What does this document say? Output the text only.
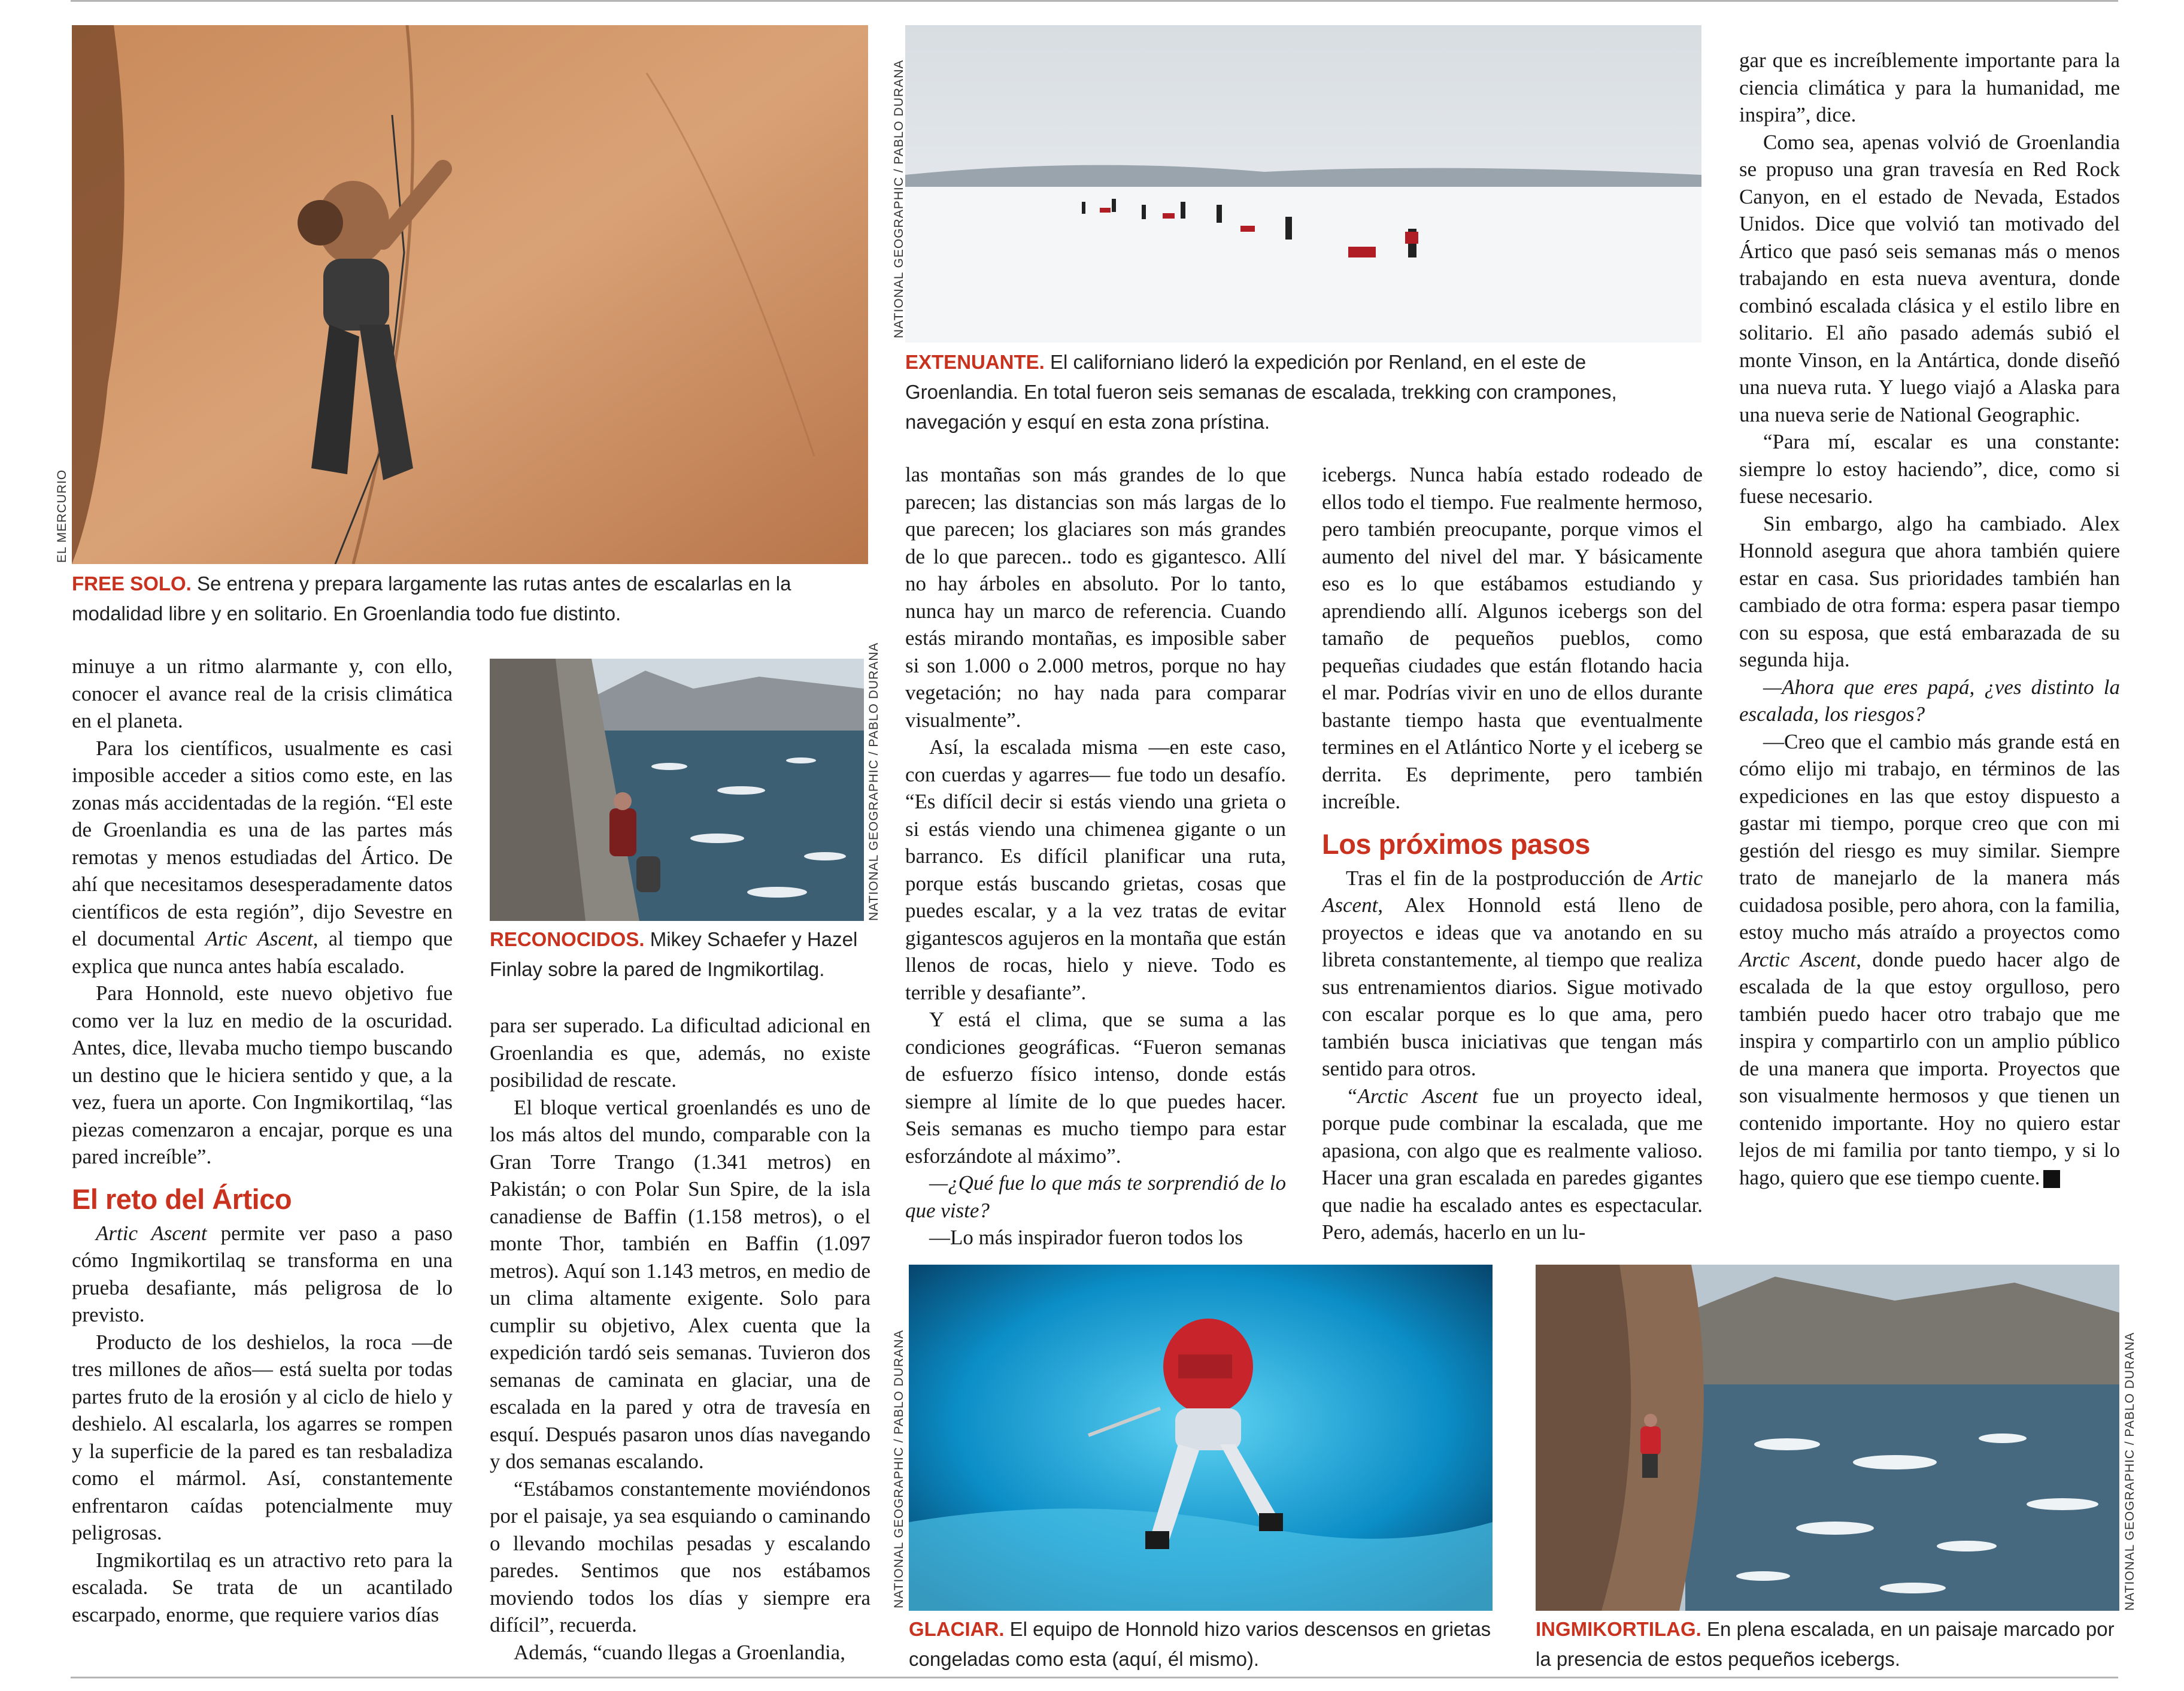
EL MERCURIO
FREE SOLO. Se entrena y prepara largamente las rutas antes de escalarlas en la modalidad libre y en solitario. En Groenlandia todo fue distinto.
NATIONAL GEOGRAPHIC / PABLO DURANA
EXTENUANTE. El californiano lideró la expedición por Renland, en el este de Groenlandia. En total fueron seis semanas de escalada, trekking con crampones, navegación y esquí en esta zona prístina.
NATIONAL GEOGRAPHIC / PABLO DURANA
RECONOCIDOS. Mikey Schaefer y Hazel Finlay sobre la pared de Ingmikortilag.
NATIONAL GEOGRAPHIC / PABLO DURANA
GLACIAR. El equipo de Honnold hizo varios descensos en grietas congeladas como esta (aquí, él mismo).
NATIONAL GEOGRAPHIC / PABLO DURANA
INGMIKORTILAG. En plena escalada, en un paisaje marcado por la presencia de estos pequeños icebergs.

minuye a un ritmo alarmante y, con ello, conocer el avance real de la crisis climática en el planeta.

Para los científicos, usualmente es casi imposible acceder a sitios como este, en las zonas más accidentadas de la región. “El este de Groenlandia es una de las partes más remotas y menos estudiadas del Ártico. De ahí que necesitamos desesperadamente datos científicos de esta región”, dijo Sevestre en el documental Artic Ascent, al tiempo que explica que nunca antes había escalado.

Para Honnold, este nuevo objetivo fue como ver la luz en medio de la oscuridad. Antes, dice, llevaba mucho tiempo buscando un destino que le hiciera sentido y que, a la vez, fuera un aporte. Con Ingmikortilaq, “las piezas comenzaron a encajar, porque es una pared increíble”.

El reto del Ártico

Artic Ascent permite ver paso a paso cómo Ingmikortilaq se transforma en una prueba desafiante, más peligrosa de lo previsto.

Producto de los deshielos, la roca —de tres millones de años— está suelta por todas partes fruto de la erosión y al ciclo de hielo y deshielo. Al escalarla, los agarres se rompen y la superficie de la pared es tan resbaladiza como el mármol. Así, constantemente enfrentaron caídas potencialmente muy peligrosas.

Ingmikortilaq es un atractivo reto para la escalada. Se trata de un acantilado escarpado, enorme, que requiere varios días

para ser superado. La dificultad adicional en Groenlandia es que, además, no existe posibilidad de rescate.

El bloque vertical groenlandés es uno de los más altos del mundo, comparable con la Gran Torre Trango (1.341 metros) en Pakistán; o con Polar Sun Spire, de la isla canadiense de Baffin (1.158 metros), o el monte Thor, también en Baffin (1.097 metros). Aquí son 1.143 metros, en medio de un clima altamente exigente. Solo para cumplir su objetivo, Alex cuenta que la expedición tardó seis semanas. Tuvieron dos semanas de caminata en glaciar, una de escalada en la pared y otra de travesía en esquí. Después pasaron unos días navegando y dos semanas escalando.

“Estábamos constantemente moviéndonos por el paisaje, ya sea esquiando o caminando o llevando mochilas pesadas y escalando paredes. Sentimos que nos estábamos moviendo todos los días y siempre era difícil”, recuerda.

Además, “cuando llegas a Groenlandia,

las montañas son más grandes de lo que parecen; las distancias son más largas de lo que parecen; los glaciares son más grandes de lo que parecen.. todo es gigantesco. Allí no hay árboles en absoluto. Por lo tanto, nunca hay un marco de referencia. Cuando estás mirando montañas, es imposible saber si son 1.000 o 2.000 metros, porque no hay vegetación; no hay nada para comparar visualmente”.

Así, la escalada misma —en este caso, con cuerdas y agarres— fue todo un desafío. “Es difícil decir si estás viendo una grieta o si estás viendo una chimenea gigante o un barranco. Es difícil planificar una ruta, porque estás buscando grietas, cosas que puedes escalar, y a la vez tratas de evitar gigantescos agujeros en la montaña que están llenos de rocas, hielo y nieve. Todo es terrible y desafiante”.

Y está el clima, que se suma a las condiciones geográficas. “Fueron semanas de esfuerzo físico intenso, donde estás siempre al límite de lo que puedes hacer. Seis semanas es mucho tiempo para estar esforzándote al máximo”.

—¿Qué fue lo que más te sorprendió de lo que viste?

—Lo más inspirador fueron todos los

icebergs. Nunca había estado rodeado de ellos todo el tiempo. Fue realmente hermoso, pero también preocupante, porque vimos el aumento del nivel del mar. Y básicamente eso es lo que estábamos estudiando y aprendiendo allí. Algunos icebergs son del tamaño de pequeños pueblos, como pequeñas ciudades que están flotando hacia el mar. Podrías vivir en uno de ellos durante bastante tiempo hasta que eventualmente termines en el Atlántico Norte y el iceberg se derrita. Es deprimente, pero también increíble.

Los próximos pasos

Tras el fin de la postproducción de Artic Ascent, Alex Honnold está lleno de proyectos e ideas que va anotando en su libreta constantemente, al tiempo que realiza sus entrenamientos diarios. Sigue motivado con escalar porque es lo que ama, pero también busca iniciativas que tengan más sentido para otros.

“Arctic Ascent fue un proyecto ideal, porque pude combinar la escalada, que me apasiona, con algo que es realmente valioso. Hacer una gran escalada en paredes gigantes que nadie ha escalado antes es espectacular. Pero, además, hacerlo en un lu-

gar que es increíblemente importante para la ciencia climática y para la humanidad, me inspira”, dice.

Como sea, apenas volvió de Groenlandia se propuso una gran travesía en Red Rock Canyon, en el estado de Nevada, Estados Unidos. Dice que volvió tan motivado del Ártico que pasó seis semanas más o menos trabajando en esta nueva aventura, donde combinó escalada clásica y el estilo libre en solitario. El año pasado además subió el monte Vinson, en la Antártica, donde diseñó una nueva ruta. Y luego viajó a Alaska para una nueva serie de National Geographic.

“Para mí, escalar es una constante: siempre lo estoy haciendo”, dice, como si fuese necesario.

Sin embargo, algo ha cambiado. Alex Honnold asegura que ahora también quiere estar en casa. Sus prioridades también han cambiado de otra forma: espera pasar tiempo con su esposa, que está embarazada de su segunda hija.

—Ahora que eres papá, ¿ves distinto la escalada, los riesgos?

—Creo que el cambio más grande está en cómo elijo mi trabajo, en términos de las expediciones en las que estoy dispuesto a gastar mi tiempo, porque creo que con mi gestión del riesgo es muy similar. Siempre trato de manejarlo de la manera más cuidadosa posible, pero ahora, con la familia, estoy mucho más atraído a proyectos como Arctic Ascent, donde puedo hacer algo de escalada de la que estoy orgulloso, pero también puedo hacer otro trabajo que me inspira y compartirlo con un amplio público de una manera que importa. Proyectos que son visualmente hermosos y que tienen un contenido importante. Hoy no quiero estar lejos de mi familia por tanto tiempo, y si lo hago, quiero que ese tiempo cuente. D
